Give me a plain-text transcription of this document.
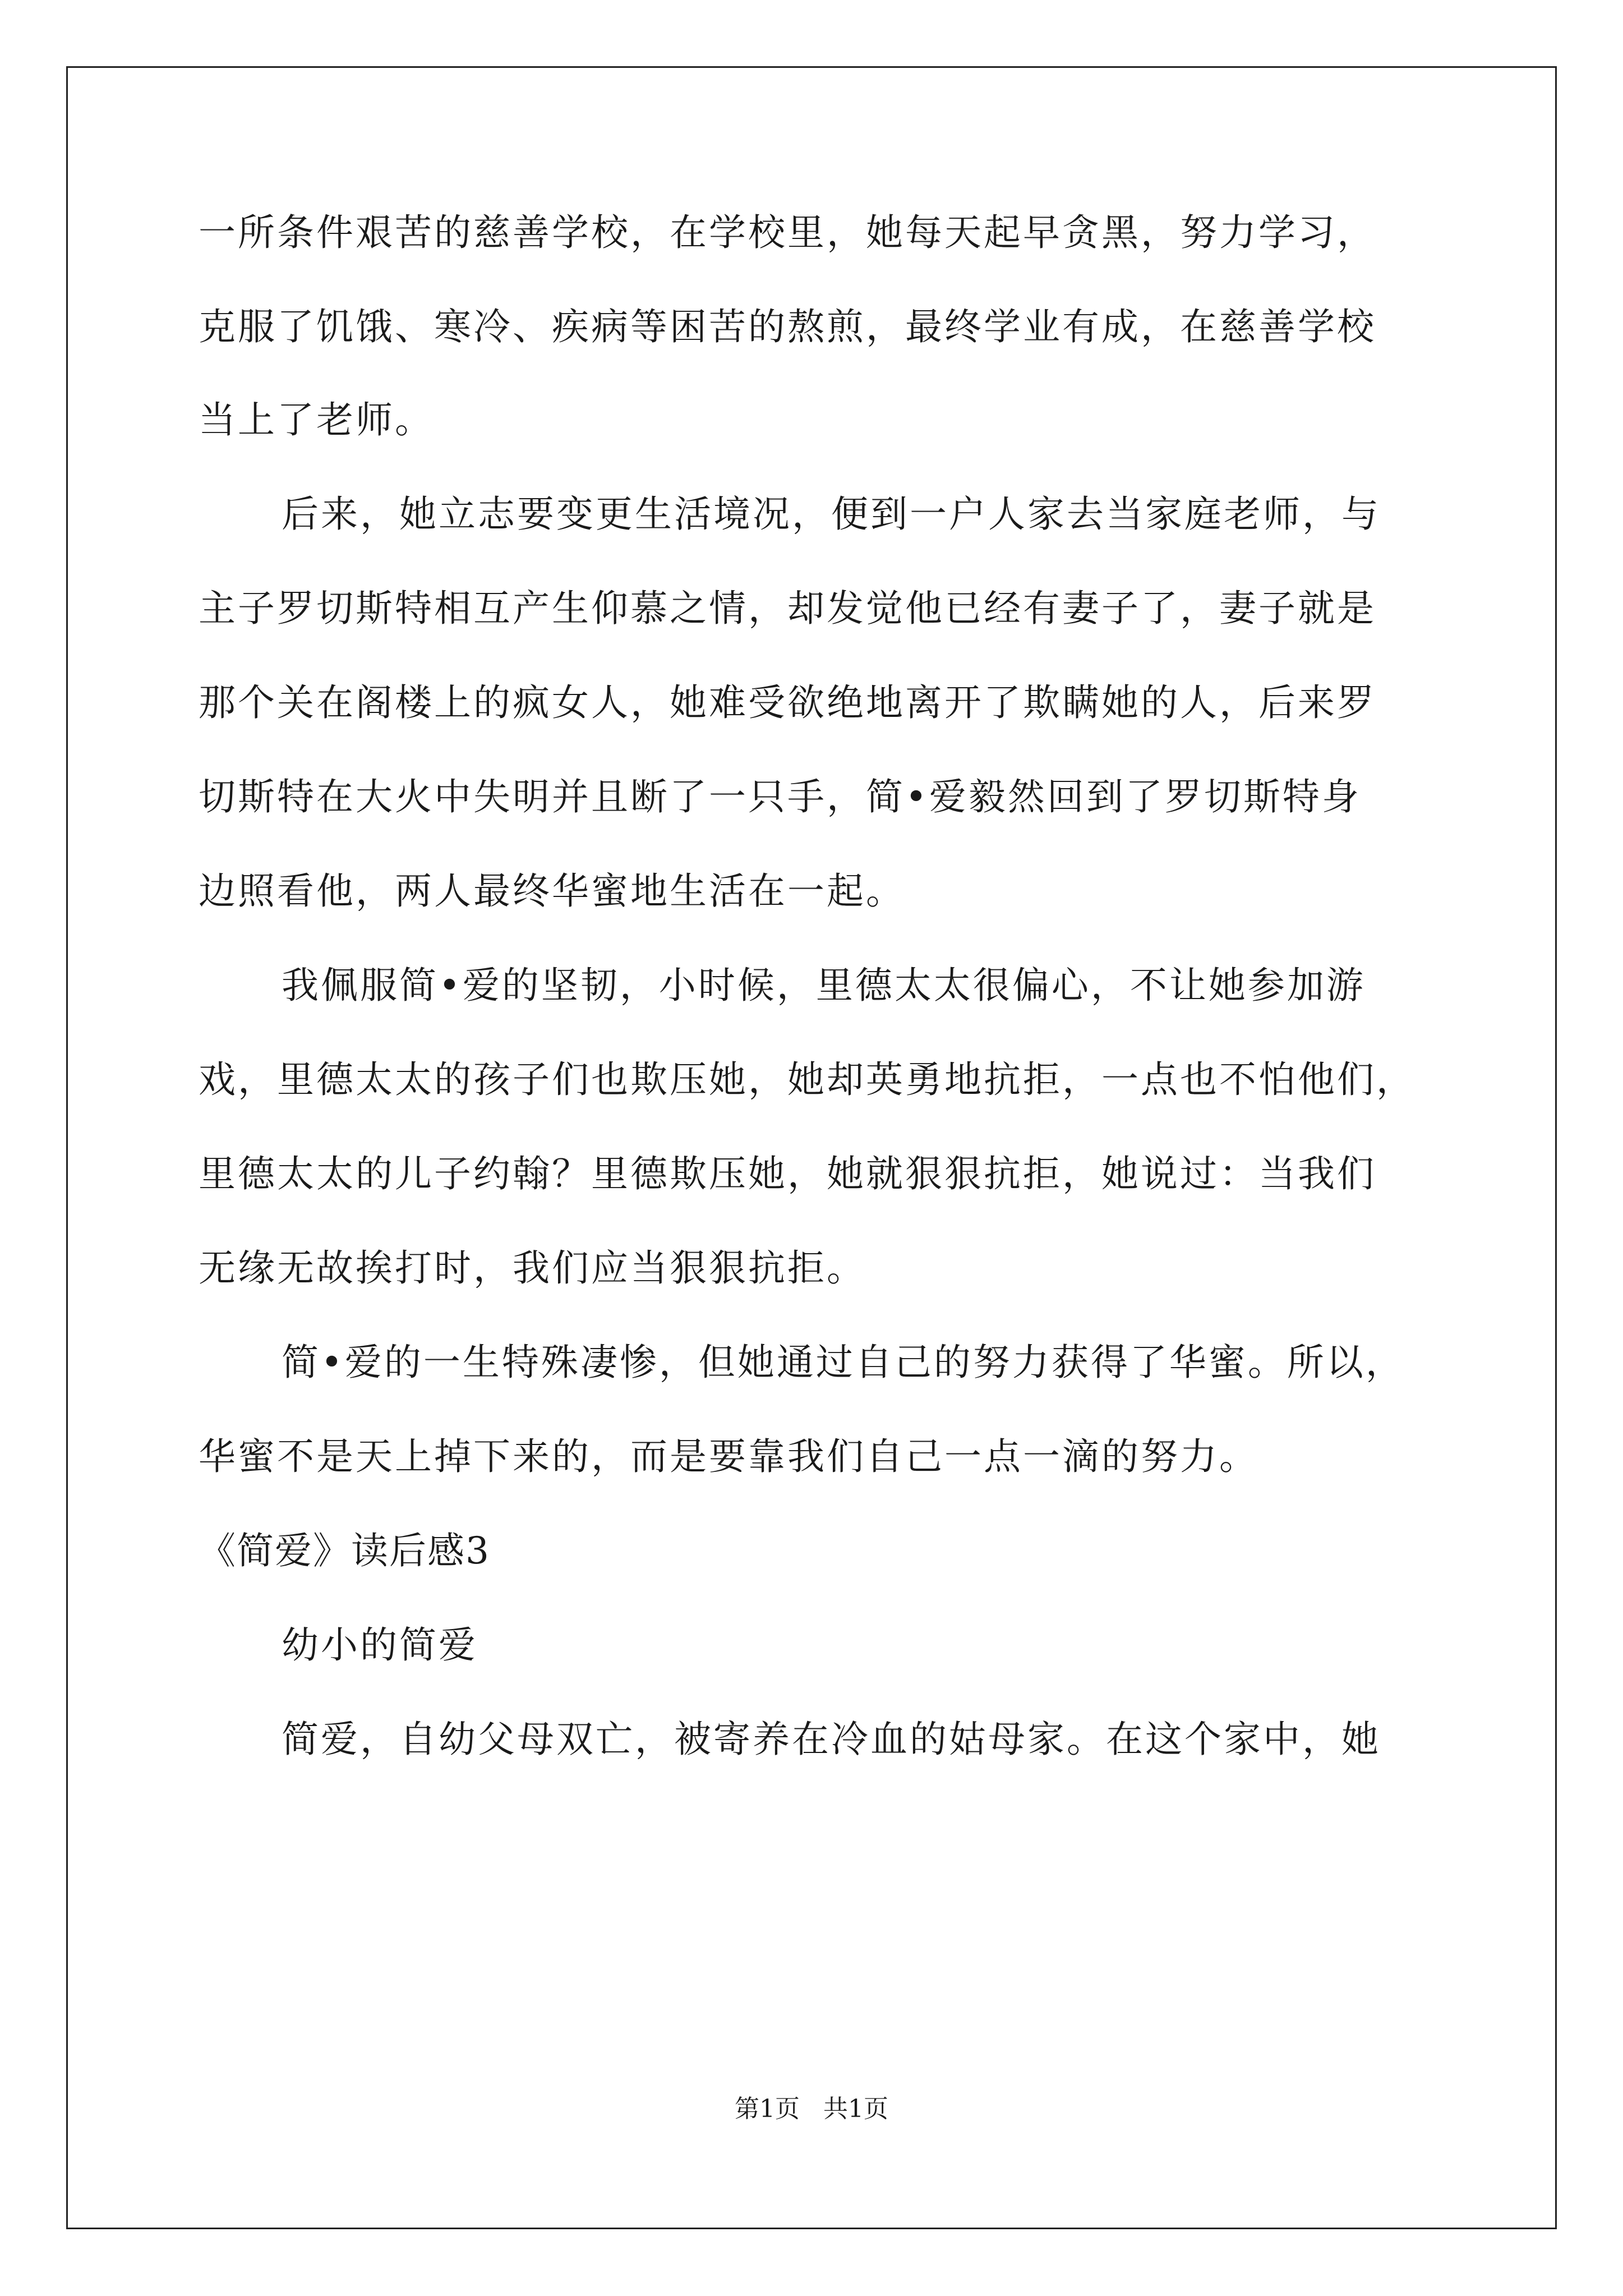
一所条件艰苦的慈善学校，在学校里，她每天起早贪黑，努力学习，
克服了饥饿、寒冷、疾病等困苦的熬煎，最终学业有成，在慈善学校
当上了老师。
后来，她立志要变更生活境况，便到一户人家去当家庭老师，与
主子罗切斯特相互产生仰慕之情，却发觉他已经有妻子了，妻子就是
那个关在阁楼上的疯女人，她难受欲绝地离开了欺瞒她的人，后来罗
切斯特在大火中失明并且断了一只手，简•爱毅然回到了罗切斯特身
边照看他，两人最终华蜜地生活在一起。
我佩服简•爱的坚韧，小时候，里德太太很偏心，不让她参加游
戏，里德太太的孩子们也欺压她，她却英勇地抗拒，一点也不怕他们，
里德太太的儿子约翰？里德欺压她，她就狠狠抗拒，她说过：当我们
无缘无故挨打时，我们应当狠狠抗拒。
简•爱的一生特殊凄惨，但她通过自己的努力获得了华蜜。所以，
华蜜不是天上掉下来的，而是要靠我们自己一点一滴的努力。
《简爱》读后感3
幼小的简爱
简爱，自幼父母双亡，被寄养在冷血的姑母家。在这个家中，她
第1页   共1页
